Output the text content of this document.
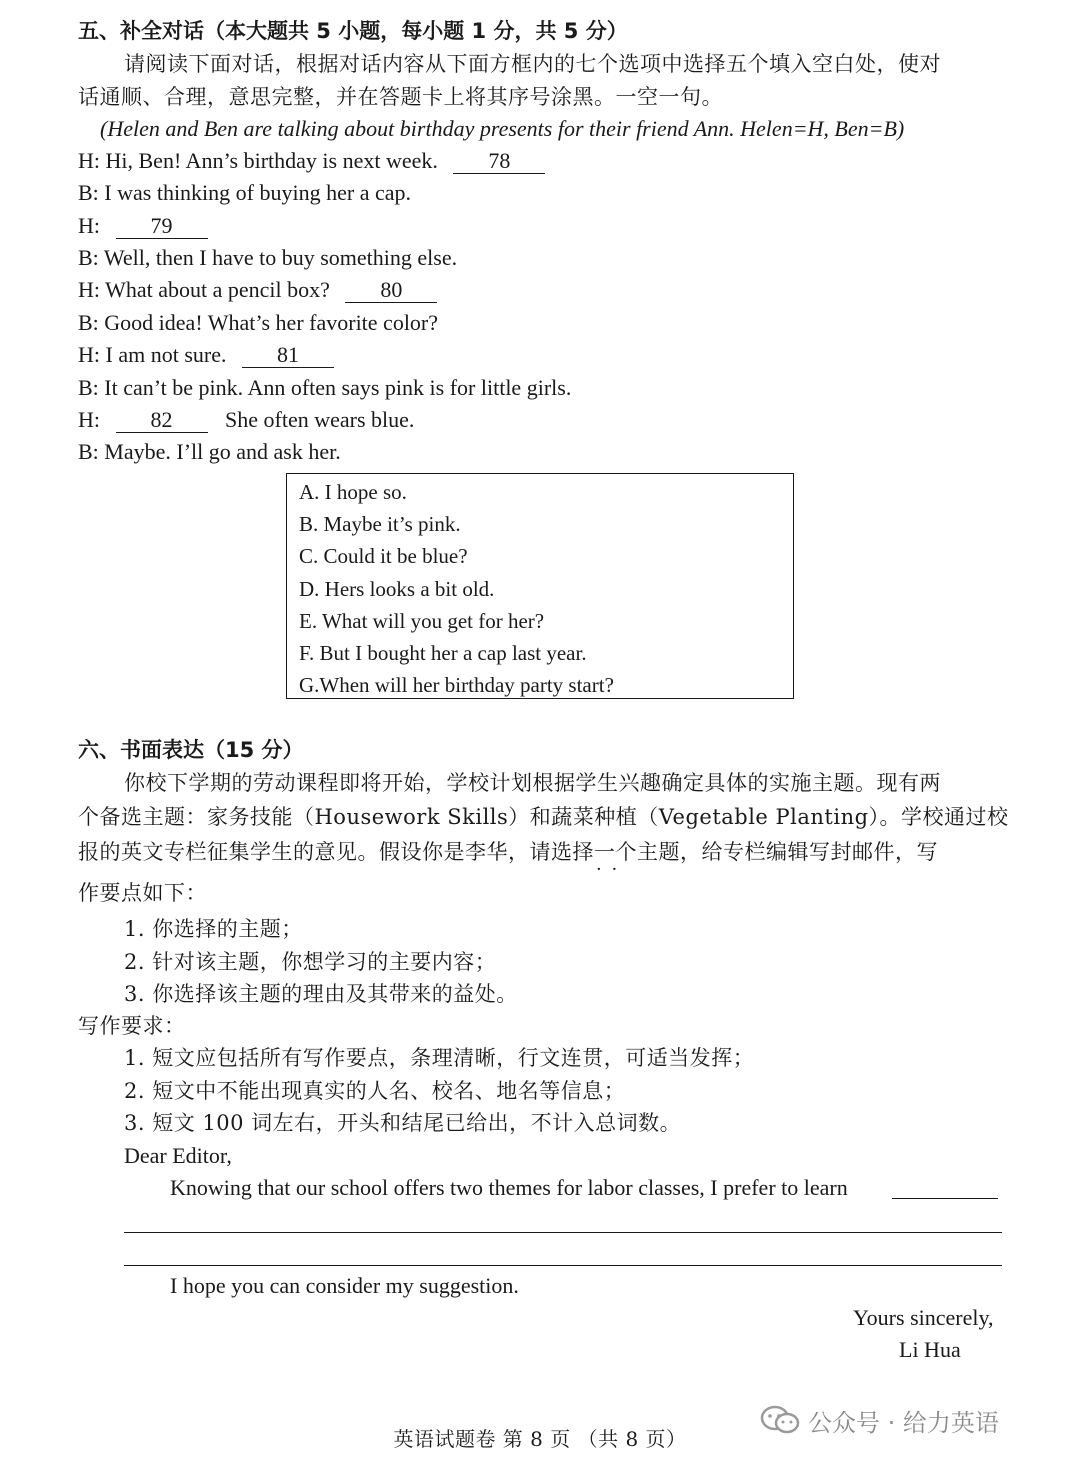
五、补全对话（本大题共 5 小题，每小题 1 分，共 5 分）
请阅读下面对话，根据对话内容从下面方框内的七个选项中选择五个填入空白处，使对
话通顺、合理，意思完整，并在答题卡上将其序号涂黑。一空一句。
(Helen and Ben are talking about birthday presents for their friend Ann. Helen=H, Ben=B)
H: Hi, Ben! Ann’s birthday is next week. 78
B: I was thinking of buying her a cap.
H: 79
B: Well, then I have to buy something else.
H: What about a pencil box? 80
B: Good idea! What’s her favorite color?
H: I am not sure. 81
B: It can’t be pink. Ann often says pink is for little girls.
H: 82 She often wears blue.
B: Maybe. I’ll go and ask her.
A. I hope so.
B. Maybe it’s pink.
C. Could it be blue?
D. Hers looks a bit old.
E. What will you get for her?
F. But I bought her a cap last year.
G.When will her birthday party start?
六、书面表达（15 分）
你校下学期的劳动课程即将开始，学校计划根据学生兴趣确定具体的实施主题。现有两
个备选主题：家务技能（Housework Skills）和蔬菜种植（Vegetable Planting）。学校通过校
报的英文专栏征集学生的意见。假设你是李华，请选择一个 · ·主题，给专栏编辑写封邮件，写
作要点如下：
1. 你选择的主题；
2. 针对该主题，你想学习的主要内容；
3. 你选择该主题的理由及其带来的益处。
写作要求：
1. 短文应包括所有写作要点，条理清晰，行文连贯，可适当发挥；
2. 短文中不能出现真实的人名、校名、地名等信息；
3. 短文 100 词左右，开头和结尾已给出，不计入总词数。
Dear Editor,
Knowing that our school offers two themes for labor classes, I prefer to learn
I hope you can consider my suggestion.
Yours sincerely,
Li Hua
公众号 · 给力英语
英语试题卷 第 8 页 （共 8 页）
